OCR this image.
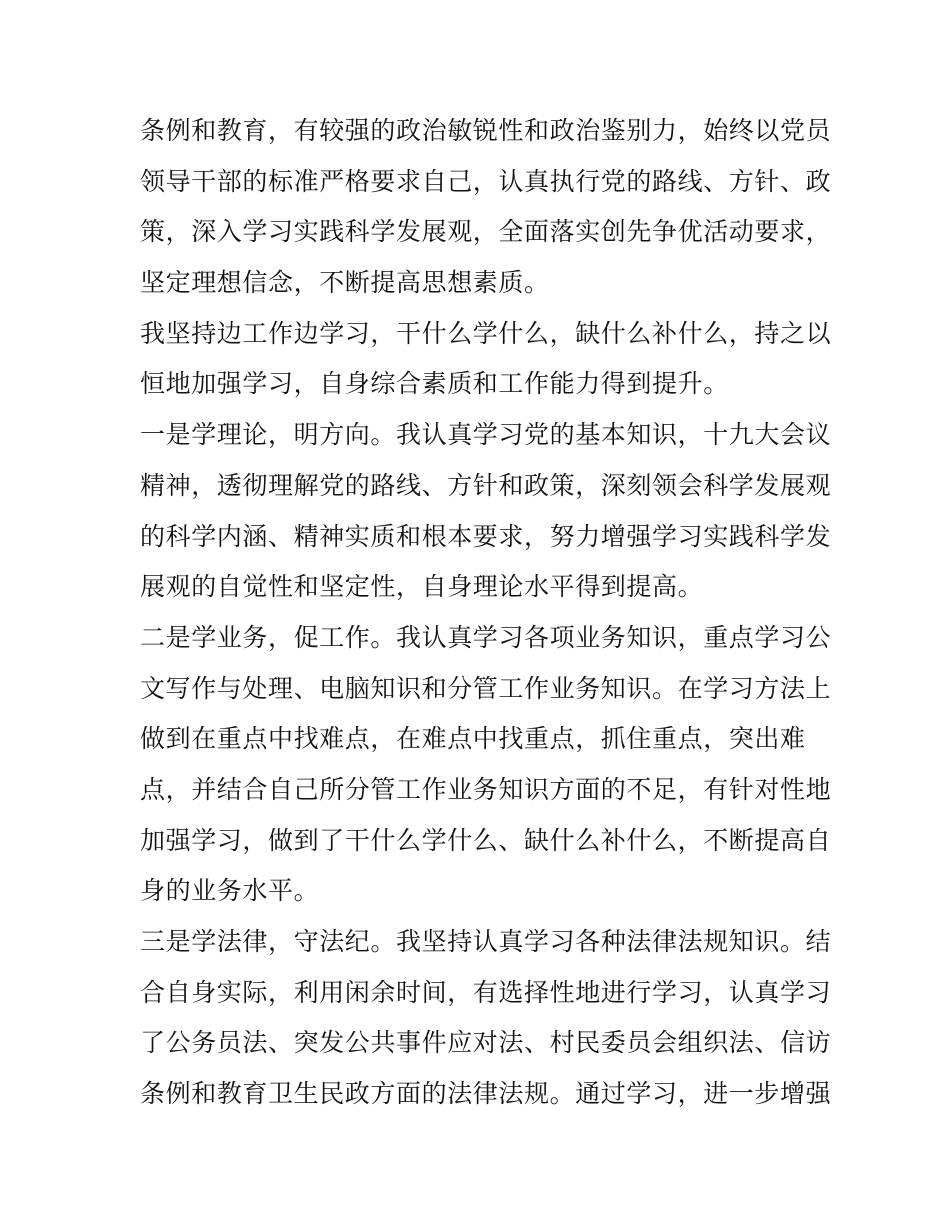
条例和教育，有较强的政治敏锐性和政治鉴别力，始终以党员
领导干部的标准严格要求自己，认真执行党的路线、方针、政
策，深入学习实践科学发展观，全面落实创先争优活动要求，
坚定理想信念，不断提高思想素质。
我坚持边工作边学习，干什么学什么，缺什么补什么，持之以
恒地加强学习，自身综合素质和工作能力得到提升。
一是学理论，明方向。我认真学习党的基本知识，十九大会议
精神，透彻理解党的路线、方针和政策，深刻领会科学发展观
的科学内涵、精神实质和根本要求，努力增强学习实践科学发
展观的自觉性和坚定性，自身理论水平得到提高。
二是学业务，促工作。我认真学习各项业务知识，重点学习公
文写作与处理、电脑知识和分管工作业务知识。在学习方法上
做到在重点中找难点，在难点中找重点，抓住重点，突出难
点，并结合自己所分管工作业务知识方面的不足，有针对性地
加强学习，做到了干什么学什么、缺什么补什么，不断提高自
身的业务水平。
三是学法律，守法纪。我坚持认真学习各种法律法规知识。结
合自身实际，利用闲余时间，有选择性地进行学习，认真学习
了公务员法、突发公共事件应对法、村民委员会组织法、信访
条例和教育卫生民政方面的法律法规。通过学习，进一步增强
